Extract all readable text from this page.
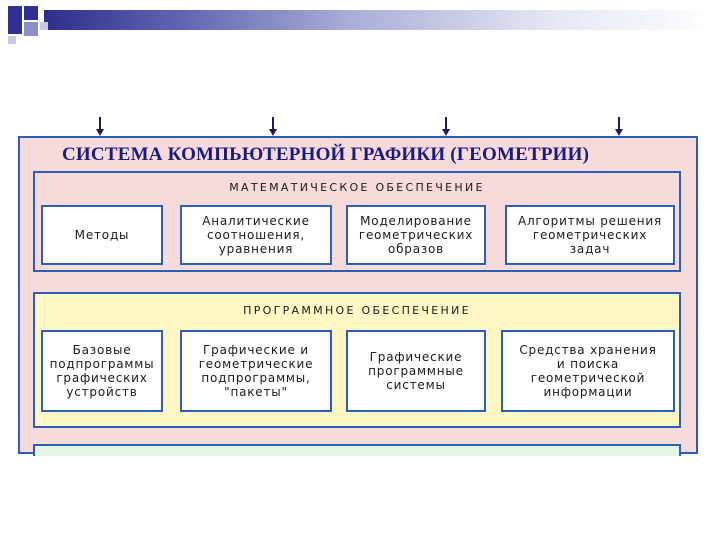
СИСТЕМА КОМПЬЮТЕРНОЙ ГРАФИКИ (ГЕОМЕТРИИ)
МАТЕМАТИЧЕСКОЕ ОБЕСПЕЧЕНИЕ
Методы
Аналитические
соотношения,
уравнения
Моделирование
геометрических
образов
Алгоритмы решения
геометрических
задач
ПРОГРАММНОЕ ОБЕСПЕЧЕНИЕ
Базовые
подпрограммы
графических
устройств
Графические и
геометрические
подпрограммы,
"пакеты"
Графические
программные
системы
Средства хранения
и поиска
геометрической
информации
